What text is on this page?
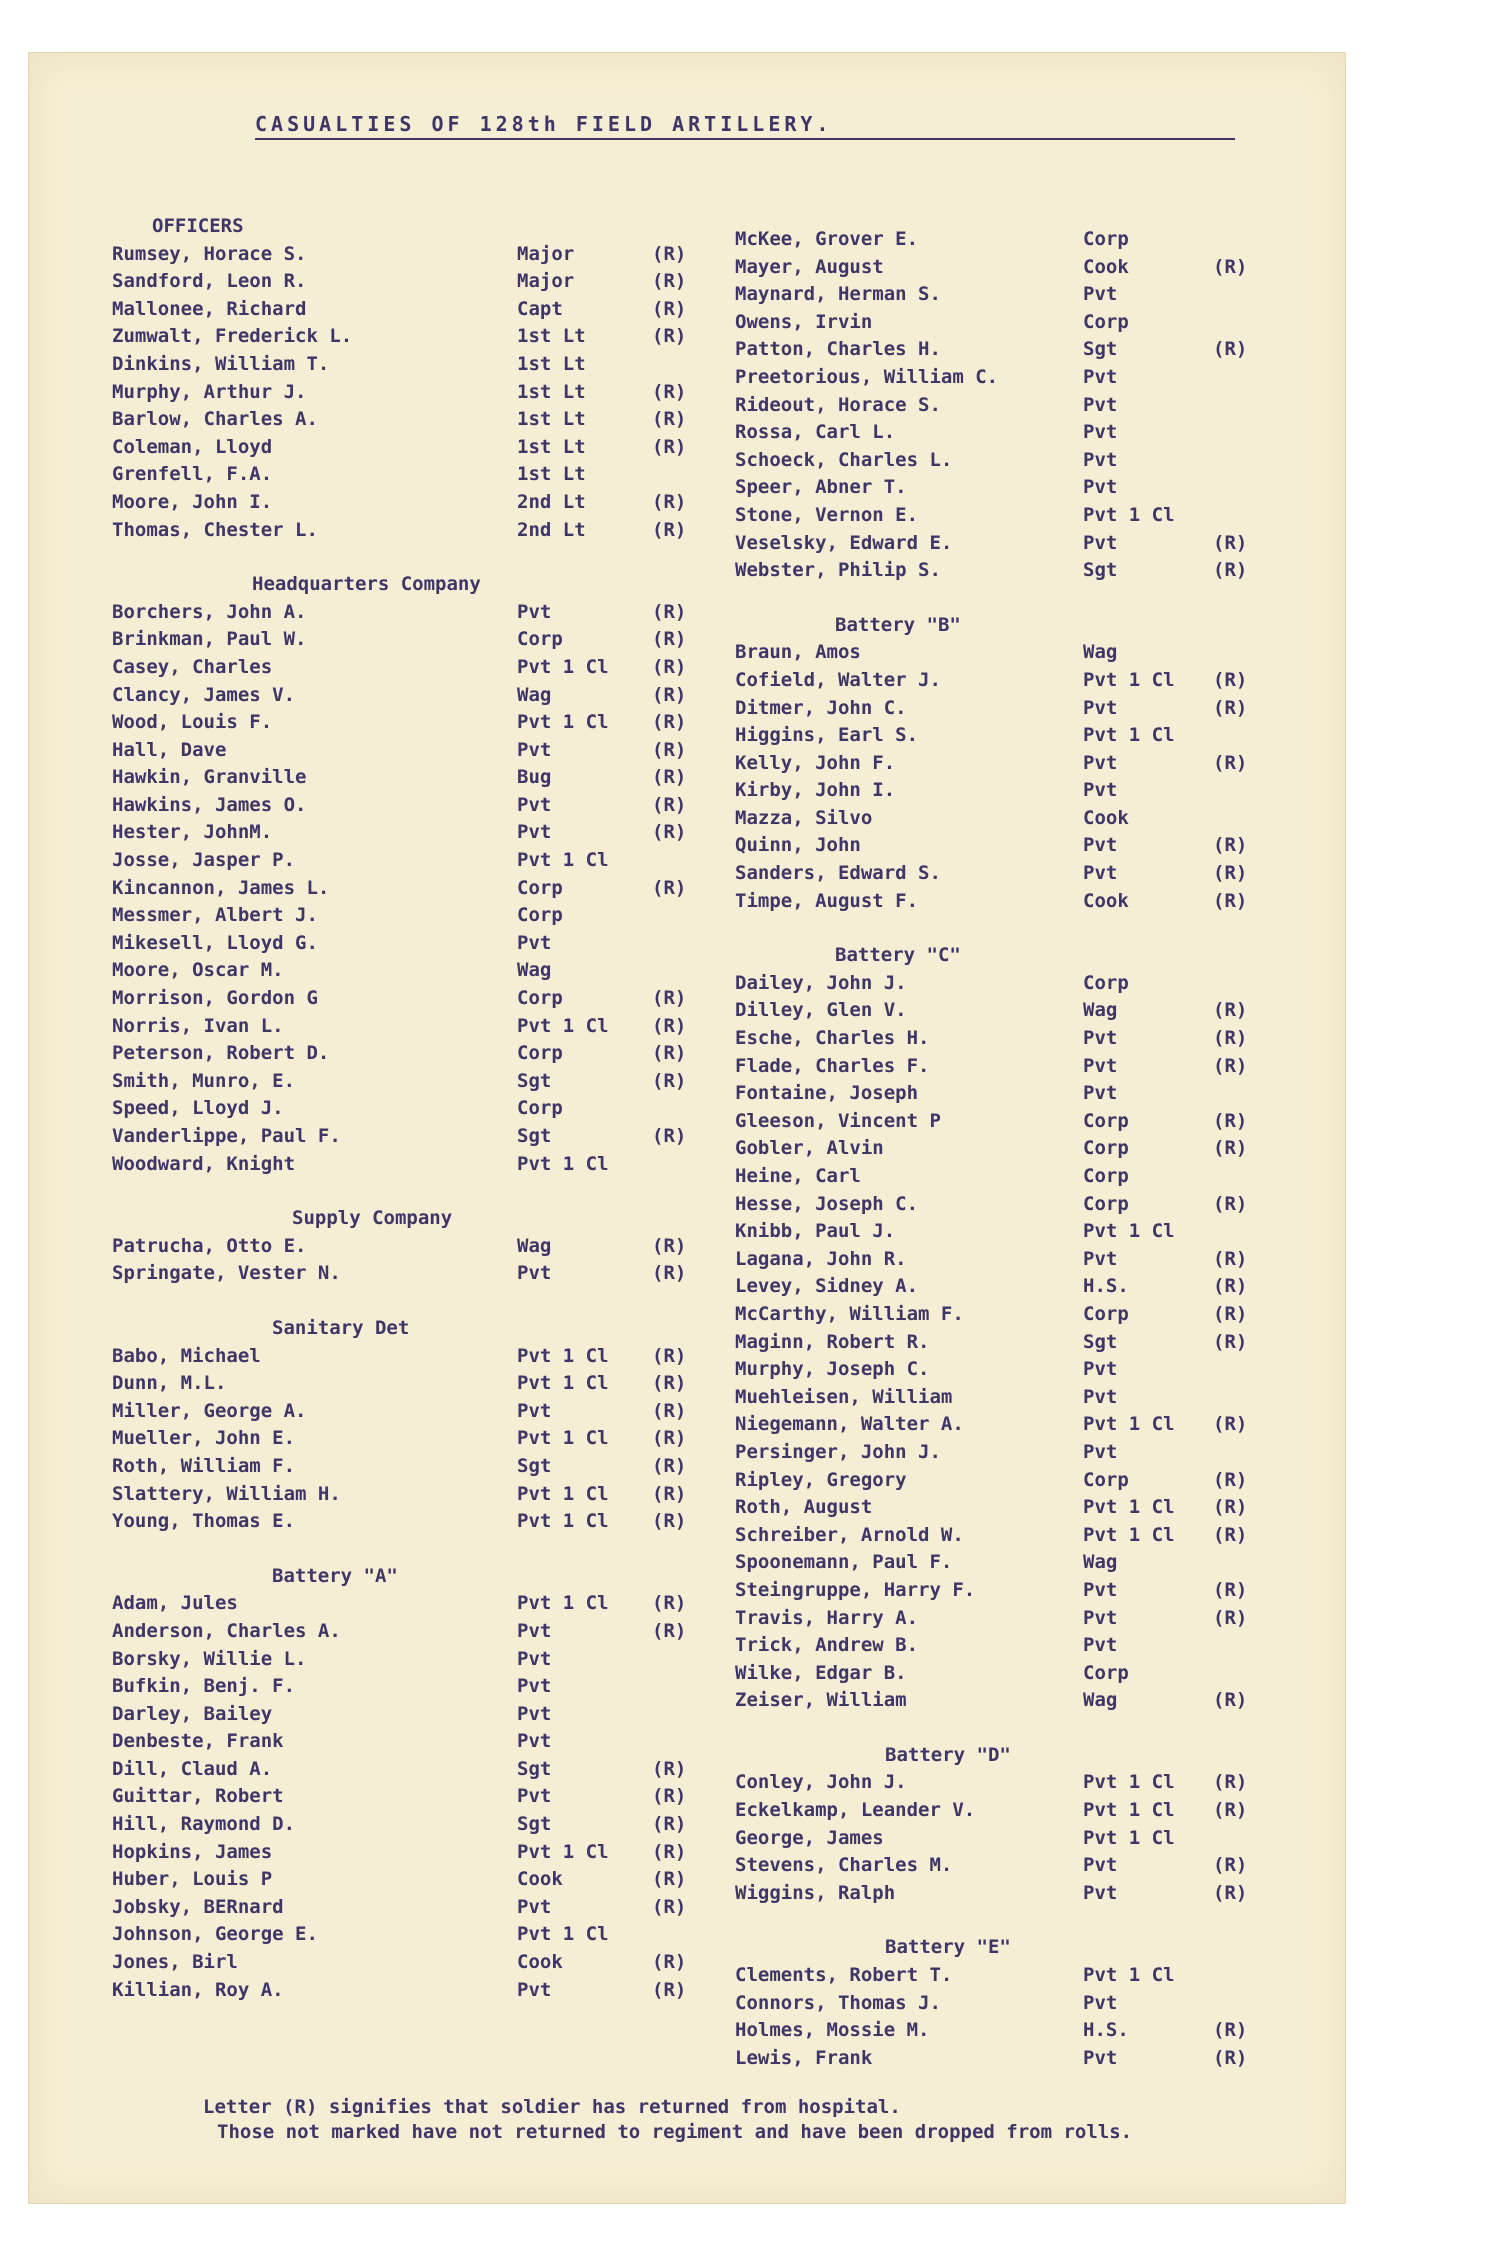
CASUALTIES OF 128th FIELD ARTILLERY.
OFFICERS
Rumsey, Horace S.	Major	(R)
Sandford, Leon R.	Major	(R)
Mallonee, Richard	Capt	(R)
Zumwalt, Frederick L.	1st Lt	(R)
Dinkins, William T.	1st Lt
Murphy, Arthur J.	1st Lt	(R)
Barlow, Charles A.	1st Lt	(R)
Coleman, Lloyd	1st Lt	(R)
Grenfell, F.A.	1st Lt
Moore, John I.	2nd Lt	(R)
Thomas, Chester L.	2nd Lt	(R)
Headquarters Company
Borchers, John A.	Pvt	(R)
Brinkman, Paul W.	Corp	(R)
Casey, Charles	Pvt 1 Cl (R)
Clancy, James V.	Wag	(R)
Wood, Louis F.	Pvt 1 Cl (R)
Hall, Dave	Pvt	(R)
Hawkin, Granville	Bug	(R)
Hawkins, James O.	Pvt	(R)
Hester, JohnM.	Pvt	(R)
Josse, Jasper P.	Pvt 1 Cl
Kincannon, James L.	Corp	(R)
Messmer, Albert J.	Corp
Mikesell, Lloyd G.	Pvt
Moore, Oscar M.	Wag
Morrison, Gordon G	Corp	(R)
Norris, Ivan L.	Pvt 1 Cl (R)
Peterson, Robert D.	Corp	(R)
Smith, Munro, E.	Sgt	(R)
Speed, Lloyd J.	Corp
Vanderlippe, Paul F.	Sgt	(R)
Woodward, Knight	Pvt 1 Cl
Supply Company
Patrucha, Otto E.	Wag	(R)
Springate, Vester N.	Pvt	(R)
Sanitary Det
Babo, Michael	Pvt 1 Cl (R)
Dunn, M.L.	Pvt 1 Cl (R)
Miller, George A.	Pvt	(R)
Mueller, John E.	Pvt 1 Cl (R)
Roth, William F.	Sgt	(R)
Slattery, William H.	Pvt 1 Cl (R)
Young, Thomas E.	Pvt 1 Cl (R)
Battery "A"
Adam, Jules	Pvt 1 Cl (R)
Anderson, Charles A.	Pvt	(R)
Borsky, Willie L.	Pvt
Bufkin, Benj. F.	Pvt
Darley, Bailey	Pvt
Denbeste, Frank	Pvt
Dill, Claud A.	Sgt	(R)
Guittar, Robert	Pvt	(R)
Hill, Raymond D.	Sgt	(R)
Hopkins, James	Pvt 1 Cl (R)
Huber, Louis P	Cook	(R)
Jobsky, BERnard	Pvt	(R)
Johnson, George E.	Pvt 1 Cl
Jones, Birl	Cook	(R)
Killian, Roy A.	Pvt	(R)
McKee, Grover E.	Corp
Mayer, August	Cook	(R)
Maynard, Herman S.	Pvt
Owens, Irvin	Corp
Patton, Charles H.	Sgt	(R)
Preetorious, William C.	Pvt
Rideout, Horace S.	Pvt
Rossa, Carl L.	Pvt
Schoeck, Charles L.	Pvt
Speer, Abner T.	Pvt
Stone, Vernon E.	Pvt 1 Cl
Veselsky, Edward E.	Pvt	(R)
Webster, Philip S.	Sgt	(R)
Battery "B"
Braun, Amos	Wag
Cofield, Walter J.	Pvt 1 Cl (R)
Ditmer, John C.	Pvt	(R)
Higgins, Earl S.	Pvt 1 Cl
Kelly, John F.	Pvt	(R)
Kirby, John I.	Pvt
Mazza, Silvo	Cook
Quinn, John	Pvt	(R)
Sanders, Edward S.	Pvt	(R)
Timpe, August F.	Cook	(R)
Battery "C"
Dailey, John J.	Corp
Dilley, Glen V.	Wag	(R)
Esche, Charles H.	Pvt	(R)
Flade, Charles F.	Pvt	(R)
Fontaine, Joseph	Pvt
Gleeson, Vincent P	Corp	(R)
Gobler, Alvin	Corp	(R)
Heine, Carl	Corp
Hesse, Joseph C.	Corp	(R)
Knibb, Paul J.	Pvt 1 Cl
Lagana, John R.	Pvt	(R)
Levey, Sidney A.	H.S.	(R)
McCarthy, William F.	Corp	(R)
Maginn, Robert R.	Sgt	(R)
Murphy, Joseph C.	Pvt
Muehleisen, William	Pvt
Niegemann, Walter A.	Pvt 1 Cl (R)
Persinger, John J.	Pvt
Ripley, Gregory	Corp	(R)
Roth, August	Pvt 1 Cl (R)
Schreiber, Arnold W.	Pvt 1 Cl (R)
Spoonemann, Paul F.	Wag
Steingruppe, Harry F.	Pvt	(R)
Travis, Harry A.	Pvt	(R)
Trick, Andrew B.	Pvt
Wilke, Edgar B.	Corp
Zeiser, William	Wag	(R)
Battery "D"
Conley, John J.	Pvt 1 Cl (R)
Eckelkamp, Leander V.	Pvt 1 Cl (R)
George, James	Pvt 1 Cl
Stevens, Charles M.	Pvt	(R)
Wiggins, Ralph	Pvt	(R)
Battery "E"
Clements, Robert T.	Pvt 1 Cl
Connors, Thomas J.	Pvt
Holmes, Mossie M.	H.S.	(R)
Lewis, Frank	Pvt	(R)
Letter (R) signifies that soldier has returned from hospital.
Those not marked have not returned to regiment and have been dropped from rolls.
